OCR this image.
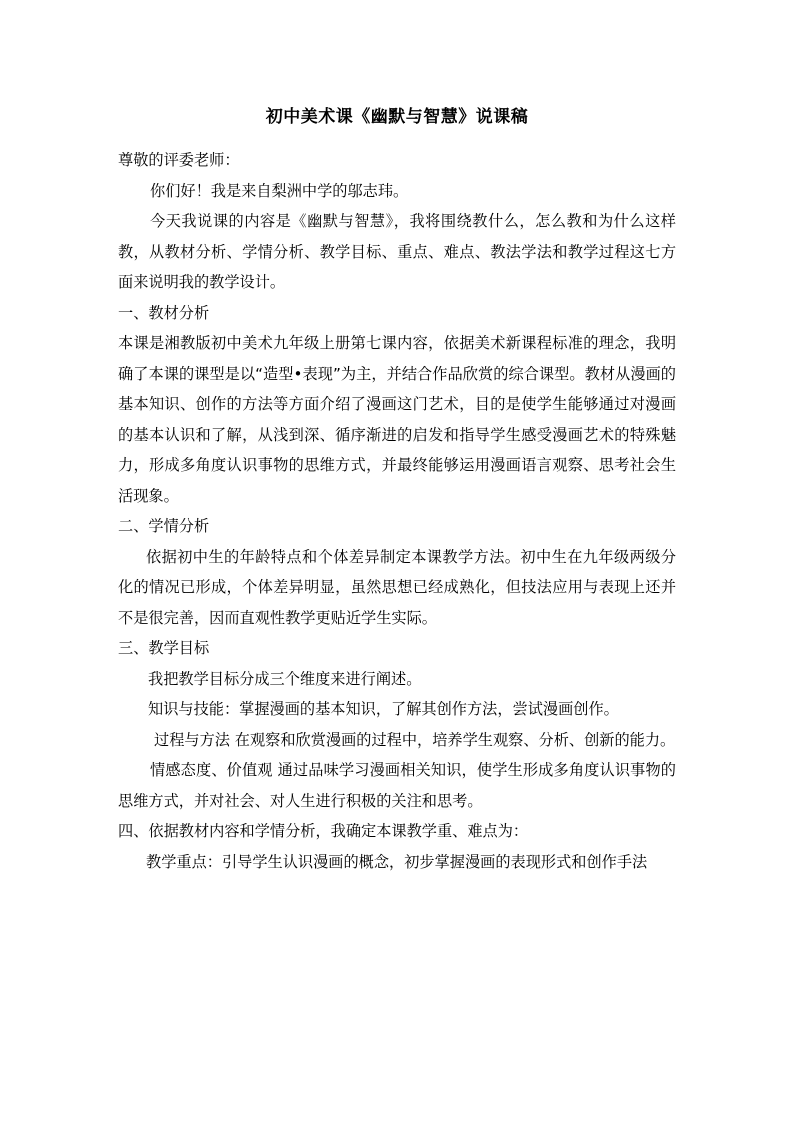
初中美术课《幽默与智慧》说课稿

尊敬的评委老师：

你们好！我是来自梨洲中学的邬志玮。

今天我说课的内容是《幽默与智慧》，我将围绕教什么，怎么教和为什么这样教，从教材分析、学情分析、教学目标、重点、难点、教法学法和教学过程这七方面来说明我的教学设计。

一、教材分析

本课是湘教版初中美术九年级上册第七课内容，依据美术新课程标准的理念，我明确了本课的课型是以“造型•表现”为主，并结合作品欣赏的综合课型。教材从漫画的基本知识、创作的方法等方面介绍了漫画这门艺术，目的是使学生能够通过对漫画的基本认识和了解，从浅到深、循序渐进的启发和指导学生感受漫画艺术的特殊魅力，形成多角度认识事物的思维方式，并最终能够运用漫画语言观察、思考社会生活现象。

二、学情分析

依据初中生的年龄特点和个体差异制定本课教学方法。初中生在九年级两级分化的情况已形成，个体差异明显，虽然思想已经成熟化，但技法应用与表现上还并不是很完善，因而直观性教学更贴近学生实际。

三、教学目标

我把教学目标分成三个维度来进行阐述。

知识与技能：掌握漫画的基本知识，了解其创作方法，尝试漫画创作。

过程与方法 在观察和欣赏漫画的过程中，培养学生观察、分析、创新的能力。

情感态度、价值观 通过品味学习漫画相关知识，使学生形成多角度认识事物的思维方式，并对社会、对人生进行积极的关注和思考。

四、依据教材内容和学情分析，我确定本课教学重、难点为：

教学重点：引导学生认识漫画的概念，初步掌握漫画的表现形式和创作手法
